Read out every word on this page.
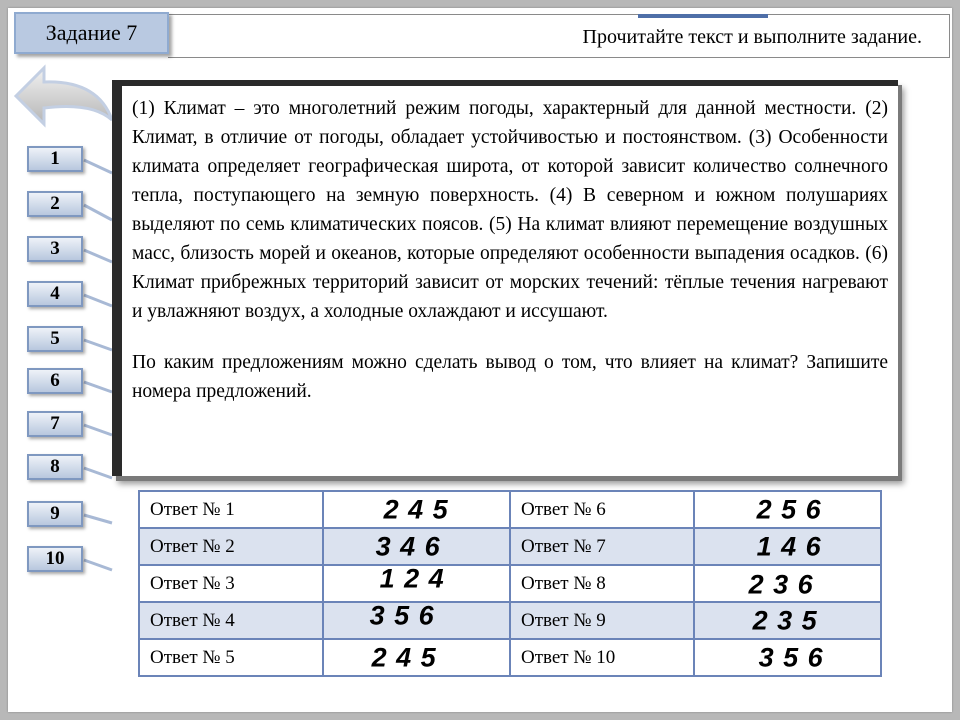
Задание 7	Прочитайте текст и выполните задание.
1
2
3
4
5
6
7
8
9
10

(1) Климат – это многолетний режим погоды, характерный для данной местности. (2) Климат, в отличие от погоды, обладает устойчивостью и постоянством. (3) Особенности климата определяет географическая широта, от которой зависит количество солнечного тепла, поступающего на земную поверхность. (4) В северном и южном полушариях выделяют по семь климатических поясов. (5) На климат влияют перемещение воздушных масс, близость морей и океанов, которые определяют особенности выпадения осадков. (6) Климат прибрежных территорий зависит от морских течений: тёплые течения нагревают и увлажняют воздух, а холодные охлаждают и иссушают.

По каким предложениям можно сделать вывод о том, что влияет на климат? Запишите номера предложений.

Ответ № 1	2 4 5	Ответ № 6	2 5 6

Ответ № 2	3 4 6	Ответ № 7	1 4 6

Ответ № 3	1 2 4	Ответ № 8	2 3 6

Ответ № 4	3 5 6	Ответ № 9	2 3 5

Ответ № 5	2 4 5	Ответ № 10	3 5 6
